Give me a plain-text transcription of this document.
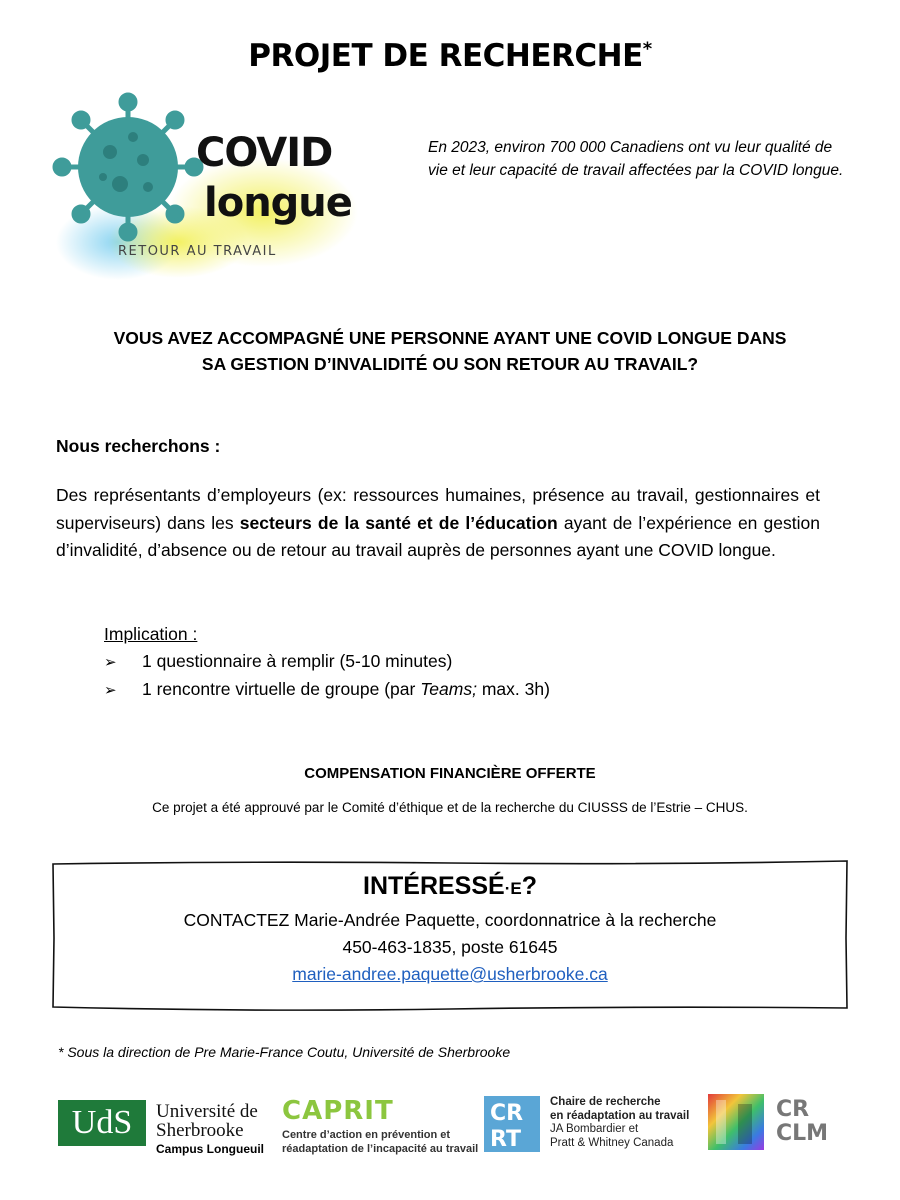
PROJET DE RECHERCHE*
COVID
longue
RETOUR AU TRAVAIL
En 2023, environ 700 000 Canadiens ont vu leur qualité de vie et leur capacité de travail affectées par la COVID longue.
VOUS AVEZ ACCOMPAGNÉ UNE PERSONNE AYANT UNE COVID LONGUE DANS
SA GESTION D’INVALIDITÉ OU SON RETOUR AU TRAVAIL?
Nous recherchons :
Des représentants d’employeurs (ex: ressources humaines, présence au travail, gestionnaires et superviseurs) dans les secteurs de la santé et de l’éducation ayant de l’expérience en gestion d’invalidité, d’absence ou de retour au travail auprès de personnes ayant une COVID longue.
Implication :
➢	1 questionnaire à remplir (5-10 minutes)
➢	1 rencontre virtuelle de groupe (par Teams; max. 3h)
COMPENSATION FINANCIÈRE OFFERTE
Ce projet a été approuvé par le Comité d’éthique et de la recherche du CIUSSS de l’Estrie – CHUS.
INTÉRESSÉ·E?
CONTACTEZ Marie-Andrée Paquette, coordonnatrice à la recherche
450-463-1835, poste 61645
marie-andree.paquette@usherbrooke.ca
* Sous la direction de Pre Marie-France Coutu, Université de Sherbrooke
UdS	Université de
Sherbrooke
Campus Longueuil
CAPRIT
Centre d’action en prévention et
réadaptation de l’incapacité au travail
CR
RT
Chaire de recherche
en réadaptation au travail
JA Bombardier et
Pratt & Whitney Canada
CR
CLM
